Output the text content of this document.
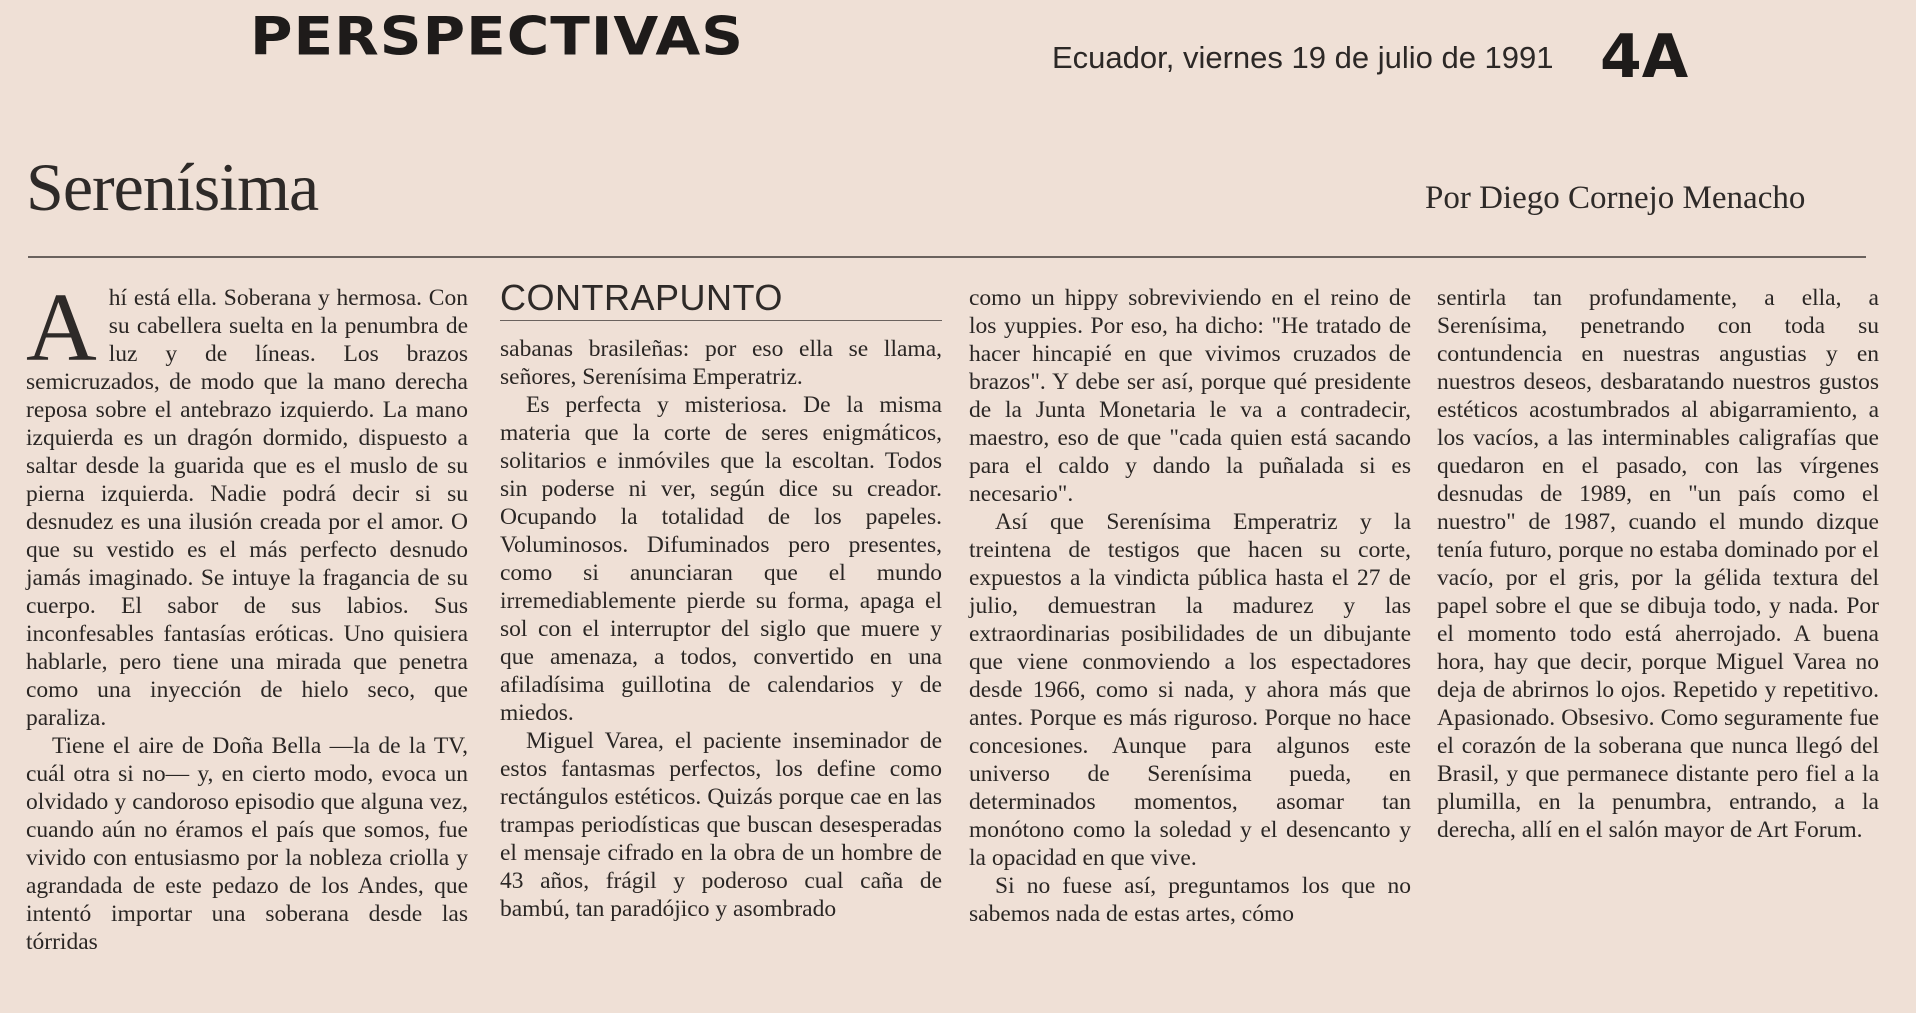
PERSPECTIVAS	Ecuador, viernes 19 de julio de 1991 4A
Serenísima	Por Diego Cornejo Menacho

Ahí está ella. Soberana y hermosa. Con su cabellera suelta en la penumbra de luz y de líneas. Los brazos semicruzados, de modo que la mano derecha reposa sobre el antebrazo izquierdo. La mano izquierda es un dragón dormido, dispuesto a saltar desde la guarida que es el muslo de su pierna izquierda. Nadie podrá decir si su desnudez es una ilusión creada por el amor. O que su vestido es el más perfecto desnudo jamás imaginado. Se intuye la fragancia de su cuerpo. El sabor de sus labios. Sus inconfesables fantasías eróticas. Uno quisiera hablarle, pero tiene una mirada que penetra como una inyección de hielo seco, que paraliza.

Tiene el aire de Doña Bella —la de la TV, cuál otra si no— y, en cierto modo, evoca un olvidado y candoroso episodio que alguna vez, cuando aún no éramos el país que somos, fue vivido con entusiasmo por la nobleza criolla y agrandada de este pedazo de los Andes, que intentó importar una soberana desde las tórridas

CONTRAPUNTO

sabanas brasileñas: por eso ella se llama, señores, Serenísima Emperatriz.

Es perfecta y misteriosa. De la misma materia que la corte de seres enigmáticos, solitarios e inmóviles que la escoltan. Todos sin poderse ni ver, según dice su creador. Ocupando la totalidad de los papeles. Voluminosos. Difuminados pero presentes, como si anunciaran que el mundo irremediablemente pierde su forma, apaga el sol con el interruptor del siglo que muere y que amenaza, a todos, convertido en una afiladísima guillotina de calendarios y de miedos.

Miguel Varea, el paciente inseminador de estos fantasmas perfectos, los define como rectángulos estéticos. Quizás porque cae en las trampas periodísticas que buscan desesperadas el mensaje cifrado en la obra de un hombre de 43 años, frágil y poderoso cual caña de bambú, tan paradójico y asombrado

como un hippy sobreviviendo en el reino de los yuppies. Por eso, ha dicho: "He tratado de hacer hincapié en que vivimos cruzados de brazos". Y debe ser así, porque qué presidente de la Junta Monetaria le va a contradecir, maestro, eso de que "cada quien está sacando para el caldo y dando la puñalada si es necesario".

Así que Serenísima Emperatriz y la treintena de testigos que hacen su corte, expuestos a la vindicta pública hasta el 27 de julio, demuestran la madurez y las extraordinarias posibilidades de un dibujante que viene conmoviendo a los espectadores desde 1966, como si nada, y ahora más que antes. Porque es más riguroso. Porque no hace concesiones. Aunque para algunos este universo de Serenísima pueda, en determinados momentos, asomar tan monótono como la soledad y el desencanto y la opacidad en que vive.

Si no fuese así, preguntamos los que no sabemos nada de estas artes, cómo

sentirla tan profundamente, a ella, a Serenísima, penetrando con toda su contundencia en nuestras angustias y en nuestros deseos, desbaratando nuestros gustos estéticos acostumbrados al abigarramiento, a los vacíos, a las interminables caligrafías que quedaron en el pasado, con las vírgenes desnudas de 1989, en "un país como el nuestro" de 1987, cuando el mundo dizque tenía futuro, porque no estaba dominado por el vacío, por el gris, por la gélida textura del papel sobre el que se dibuja todo, y nada. Por el momento todo está aherrojado. A buena hora, hay que decir, porque Miguel Varea no deja de abrirnos lo ojos. Repetido y repetitivo. Apasionado. Obsesivo. Como seguramente fue el corazón de la soberana que nunca llegó del Brasil, y que permanece distante pero fiel a la plumilla, en la penumbra, entrando, a la derecha, allí en el salón mayor de Art Forum.
